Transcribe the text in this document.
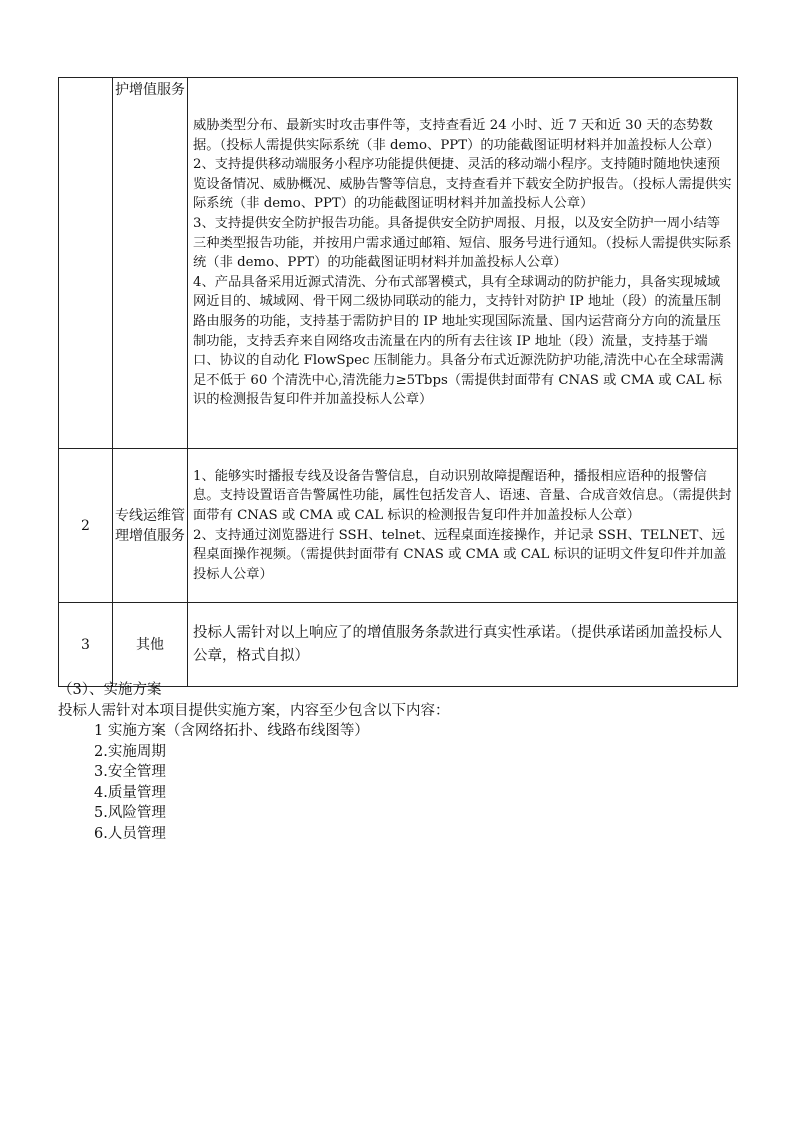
	护增值服务	威胁类型分布、最新实时攻击事件等，支持查看近 24 小时、近 7 天和近 30 天的态势数据。（投标人需提供实际系统（非 demo、PPT）的功能截图证明材料并加盖投标人公章）
2、支持提供移动端服务小程序功能提供便捷、灵活的移动端小程序。支持随时随地快速预览设备情况、威胁概况、威胁告警等信息，支持查看并下载安全防护报告。（投标人需提供实际系统（非 demo、PPT）的功能截图证明材料并加盖投标人公章）
3、支持提供安全防护报告功能。具备提供安全防护周报、月报，以及安全防护一周小结等三种类型报告功能，并按用户需求通过邮箱、短信、服务号进行通知。（投标人需提供实际系统（非 demo、PPT）的功能截图证明材料并加盖投标人公章）
4、产品具备采用近源式清洗、分布式部署模式，具有全球调动的防护能力，具备实现城域网近目的、城域网、骨干网二级协同联动的能力，支持针对防护 IP 地址（段）的流量压制路由服务的功能，支持基于需防护目的 IP 地址实现国际流量、国内运营商分方向的流量压制功能，支持丢弃来自网络攻击流量在内的所有去往该 IP 地址（段）流量，支持基于端口、协议的自动化 FlowSpec 压制能力。具备分布式近源洗防护功能,清洗中心在全球需满足不低于 60 个清洗中心,清洗能力≥5Tbps（需提供封面带有 CNAS 或 CMA 或 CAL 标识的检测报告复印件并加盖投标人公章）

2	专线运维管理增值服务	1、能够实时播报专线及设备告警信息，自动识别故障提醒语种，播报相应语种的报警信息。支持设置语音告警属性功能，属性包括发音人、语速、音量、合成音效信息。（需提供封面带有 CNAS 或 CMA 或 CAL 标识的检测报告复印件并加盖投标人公章）
2、支持通过浏览器进行 SSH、telnet、远程桌面连接操作，并记录 SSH、TELNET、远程桌面操作视频。（需提供封面带有 CNAS 或 CMA 或 CAL 标识的证明文件复印件并加盖投标人公章）

3	其他	投标人需针对以上响应了的增值服务条款进行真实性承诺。（提供承诺函加盖投标人公章，格式自拟）
（3）、实施方案
投标人需针对本项目提供实施方案，内容至少包含以下内容：
1 实施方案（含网络拓扑、线路布线图等）
2.实施周期
3.安全管理
4.质量管理
5.风险管理
6.人员管理
